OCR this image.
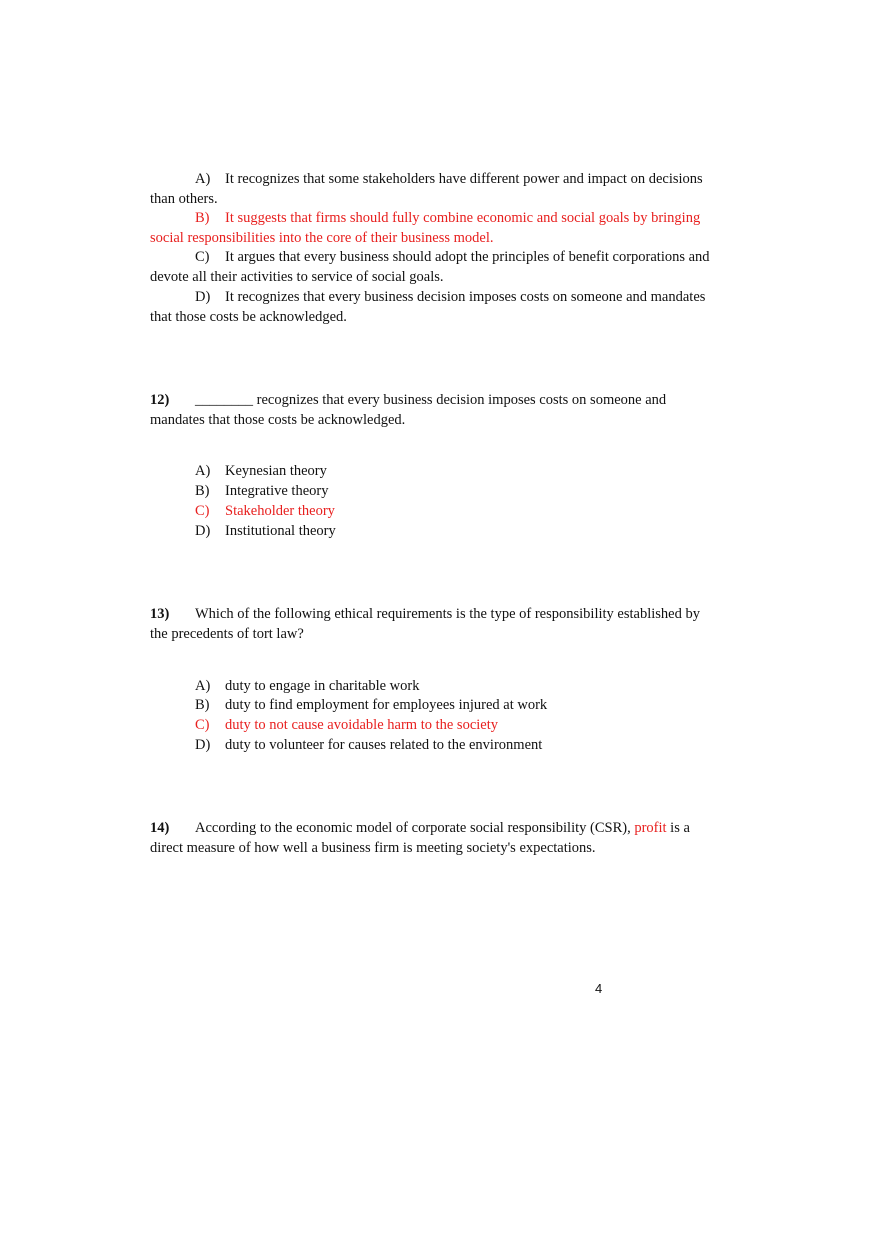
A) It recognizes that some stakeholders have different power and impact on decisions
than others.
B) It suggests that firms should fully combine economic and social goals by bringing
social responsibilities into the core of their business model.
C) It argues that every business should adopt the principles of benefit corporations and
devote all their activities to service of social goals.
D) It recognizes that every business decision imposes costs on someone and mandates
that those costs be acknowledged.
12) ________ recognizes that every business decision imposes costs on someone and
mandates that those costs be acknowledged.
A) Keynesian theory
B) Integrative theory
C) Stakeholder theory
D) Institutional theory
13) Which of the following ethical requirements is the type of responsibility established by
the precedents of tort law?
A) duty to engage in charitable work
B) duty to find employment for employees injured at work
C) duty to not cause avoidable harm to the society
D) duty to volunteer for causes related to the environment
14) According to the economic model of corporate social responsibility (CSR), profit is a
direct measure of how well a business firm is meeting society's expectations.
4
